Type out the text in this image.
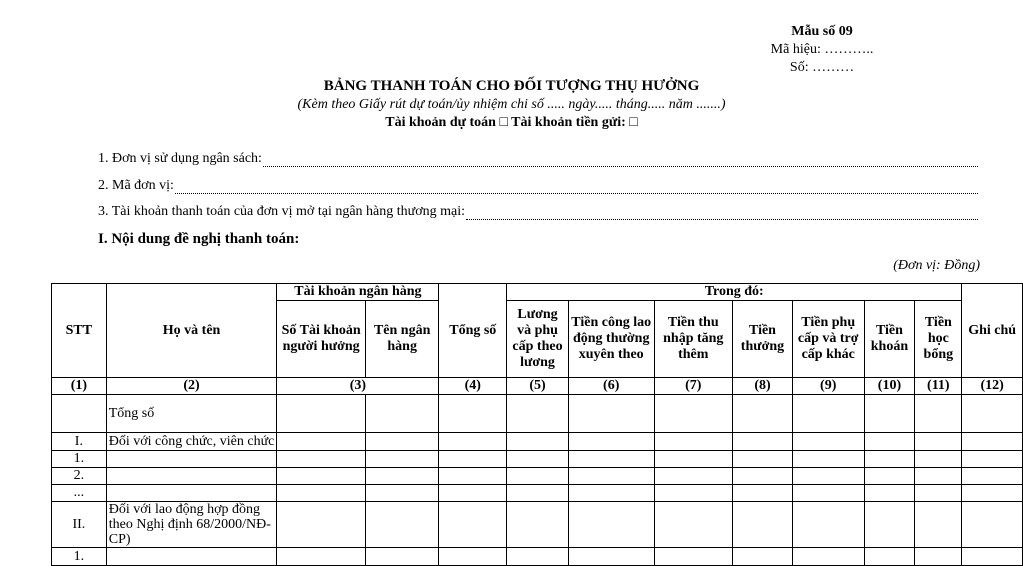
Mẫu số 09
Mã hiệu: ………..
Số: ………
BẢNG THANH TOÁN CHO ĐỐI TƯỢNG THỤ HƯỞNG
(Kèm theo Giấy rút dự toán/ủy nhiệm chi số ..... ngày..... tháng..... năm .......)
Tài khoản dự toán □ Tài khoản tiền gửi: □
1. Đơn vị sử dụng ngân sách:
2. Mã đơn vị:
3. Tài khoản thanh toán của đơn vị mở tại ngân hàng thương mại:
I. Nội dung đề nghị thanh toán:
(Đơn vị: Đồng)
STT	Họ và tên	Tài khoản ngân hàng		Tổng số	Trong đó:							Ghi chú
		Số Tài khoản người hưởng	Tên ngân hàng		Lương và phụ cấp theo lương	Tiền công lao động thường xuyên theo	Tiền thu nhập tăng thêm	Tiền thưởng	Tiền phụ cấp và trợ cấp khác	Tiền khoán	Tiền học bổng	
(1)	(2)	(3)		(4)	(5)	(6)	(7)	(8)	(9)	(10)	(11)	(12)
	Tổng số											
I.	Đối với công chức, viên chức											
1.												
2.												
...												
II.	Đối với lao động hợp đồng theo Nghị định 68/2000/NĐ-CP)											
1.												
